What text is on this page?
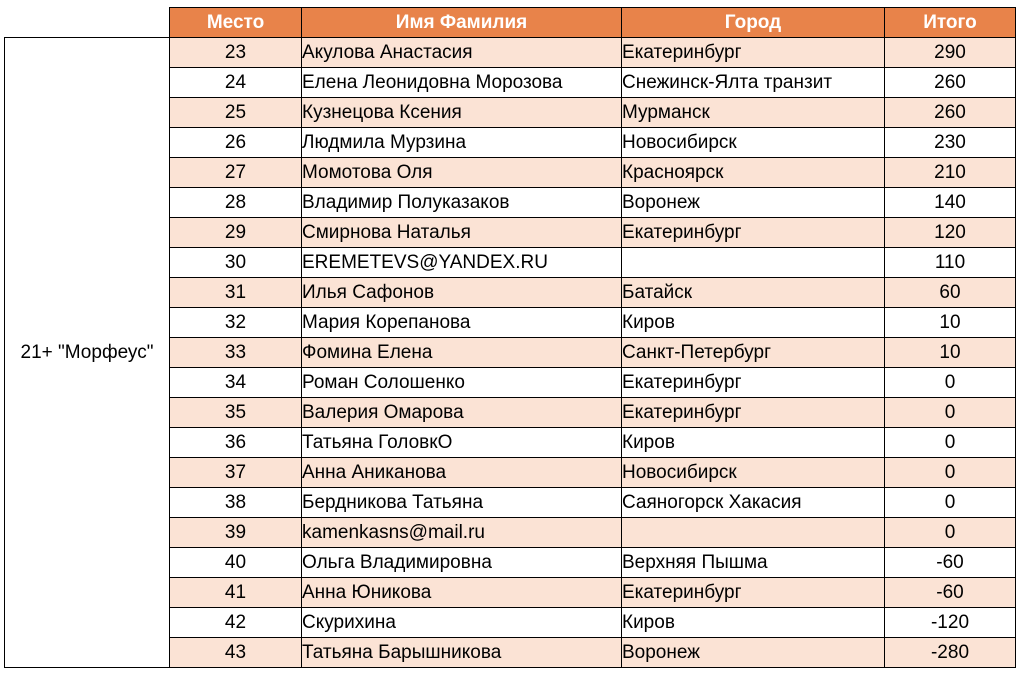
	Место	Имя Фамилия	Город	Итого
21+ "Морфеус"	23	Акулова Анастасия	Екатеринбург	290
	24	Елена Леонидовна Морозова	Снежинск-Ялта транзит	260
	25	Кузнецова Ксения	Мурманск	260
	26	Людмила Мурзина	Новосибирск	230
	27	Момотова Оля	Красноярск	210
	28	Владимир Полуказаков	Воронеж	140
	29	Смирнова Наталья	Екатеринбург	120
	30	EREMETEVS@YANDEX.RU		110
	31	Илья Сафонов	Батайск	60
	32	Мария Корепанова	Киров	10
	33	Фомина Елена	Санкт-Петербург	10
	34	Роман Солошенко	Екатеринбург	0
	35	Валерия Омарова	Екатеринбург	0
	36	Татьяна ГоловкО	Киров	0
	37	Анна Аниканова	Новосибирск	0
	38	Бердникова Татьяна	Саяногорск Хакасия	0
	39	kamenkasns@mail.ru		0
	40	Ольга Владимировна	Верхняя Пышма	-60
	41	Анна Юникова	Екатеринбург	-60
	42	Скурихина	Киров	-120
	43	Татьяна Барышникова	Воронеж	-280
